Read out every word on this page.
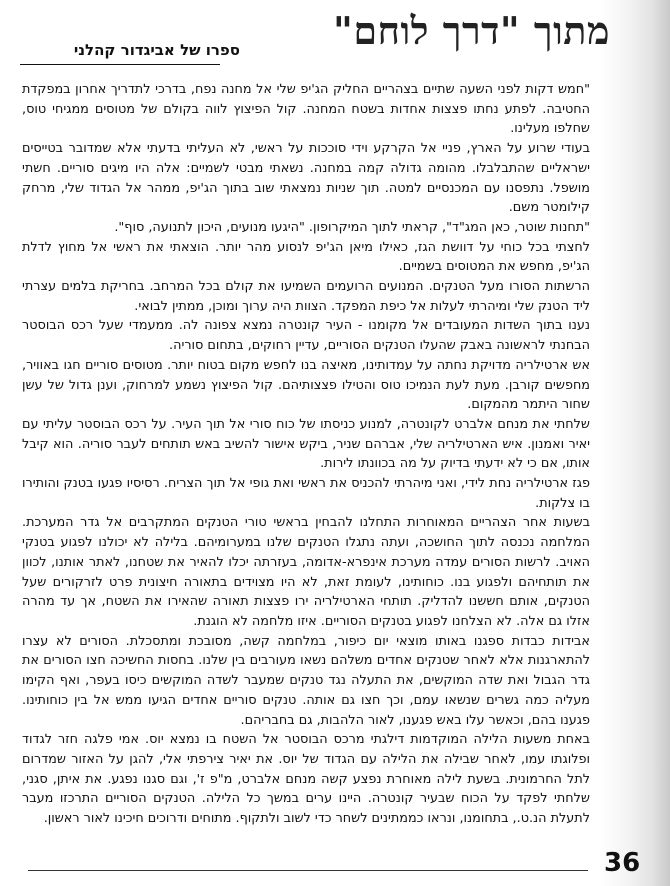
מתוך "דרך לוחם"
ספרו של אביגדור קהלני

"חמש דקות לפני השעה שתיים בצהריים החליק הג'יפ שלי אל מחנה נפח, בדרכי לתדריך אחרון במפקדת החטיבה. לפתע נחתו פצצות אחדות בשטח המחנה. קול הפיצוץ לווה בקולם של מטוסים ממגיחי טוס, שחלפו מעלינו.

בעודי שרוע על הארץ, פניי אל הקרקע וידי סוככות על ראשי, לא העליתי בדעתי אלא שמדובר בטייסים ישראליים שהתבלבלו. מהומה גדולה קמה במחנה. נשאתי מבטי לשמיים: אלה היו מיגים סוריים. חשתי מושפל. נתפסנו עם המכנסיים למטה. תוך שניות נמצאתי שוב בתוך הג'יפ, ממהר אל הגדוד שלי, מרחק קילומטר משם.

"תחנות שוטר, כאן המג"ד", קראתי לתוך המיקרופון. "היגעו מנועים, היכון לתנועה, סוף".

לחצתי בכל כוחי על דוושת הגז, כאילו מיאן הג'יפ לנסוע מהר יותר. הוצאתי את ראשי אל מחוץ לדלת הג'יפ, מחפש את המטוסים בשמיים.

הרשתות הסורו מעל הטנקים. המנועים הרועמים השמיעו את קולם בכל המרחב. בחריקת בלמים עצרתי ליד הטנק שלי ומיהרתי לעלות אל כיפת המפקד. הצוות היה ערוך ומוכן, ממתין לבואי.

נענו בתוך השדות המעובדים אל מקומנו - העיר קונטרה נמצא צפונה לה. ממעמדי שעל רכס הבוסטר הבחנתי לראשונה באבק שהעלו הטנקים הסוריים, עדיין רחוקים, בתחום סוריה.

אש ארטילריה מדויקת נחתה על עמדותינו, מאיצה בנו לחפש מקום בטוח יותר. מטוסים סוריים חגו באוויר, מחפשים קורבן. מעת לעת הנמיכו טוס והטילו פצצותיהם. קול הפיצוץ נשמע למרחוק, וענן גדול של עשן שחור היתמר מהמקום.

שלחתי את מנחם אלברט לקונטרה, למנוע כניסתו של כוח סורי אל תוך העיר. על רכס הבוסטר עליתי עם יאיר ואמנון. איש הארטילריה שלי, אברהם שניר, ביקש אישור להשיב באש תותחים לעבר סוריה. הוא קיבל אותו, אם כי לא ידעתי בדיוק על מה בכוונתו לירות.

פגז ארטילריה נחת לידי, ואני מיהרתי להכניס את ראשי ואת גופי אל תוך הצריח. רסיסיו פגעו בטנק והותירו בו צלקות.

בשעות אחר הצהריים המאוחרות התחלנו להבחין בראשי טורי הטנקים המתקרבים אל גדר המערכת. המלחמה נכנסה לתוך החושכה, ועתה נתגלו הטנקים שלנו במערומיהם. בלילה לא יכולנו לפגוע בטנקי האויב. לרשות הסורים עמדה מערכת אינפרא-אדומה, בעזרתה יכלו להאיר את שטחנו, לאתר אותנו, לכוון את תותחיהם ולפגוע בנו. כוחותינו, לעומת זאת, לא היו מצוידים בתאורה חיצונית פרט לזרקורים שעל הטנקים, אותם חששנו להדליק. תותחי הארטילריה ירו פצצות תאורה שהאירו את השטח, אך עד מהרה אזלו גם אלה. לא הצלחנו לפגוע בטנקים הסוריים. איזו מלחמה לא הוגנת.

אבידות כבדות ספגנו באותו מוצאי יום כיפור, במלחמה קשה, מסובכת ומתסכלת. הסורים לא עצרו להתארגנות אלא לאחר שטנקים אחדים משלהם נשאו מעורבים בין שלנו. בחסות החשיכה חצו הסורים את גדר הגבול ואת שדה המוקשים, את התעלה נגד טנקים שמעבר לשדה המוקשים כיסו בעפר, ואף הקימו מעליה כמה גשרים שנשאו עמם, וכך חצו גם אותה. טנקים סוריים אחדים הגיעו ממש אל בין כוחותינו. פגענו בהם, וכאשר עלו באש פגענו, לאור הלהבות, גם בחבריהם.

באחת משעות הלילה המוקדמות דילגתי מרכס הבוסטר אל השטח בו נמצא יוס. אמי פלגה חזר לגדוד ופלוגתו עמו, לאחר שבילה את הלילה עם הגדוד של יוס. את יאיר צירפתי אלי, להגן על האזור שמדרום לתל החרמונית. בשעת לילה מאוחרת נפצע קשה מנחם אלברט, מ"פ ז', וגם סגנו נפגע. את איתן, סגני, שלחתי לפקד על הכוח שבעיר קונטרה. היינו ערים במשך כל הלילה. הטנקים הסוריים התרכזו מעבר לתעלת הנ.ט., בתחומנו, ונראו כממתינים לשחר כדי לשוב ולתקוף. מתוחים ודרוכים חיכינו לאור ראשון.

36
